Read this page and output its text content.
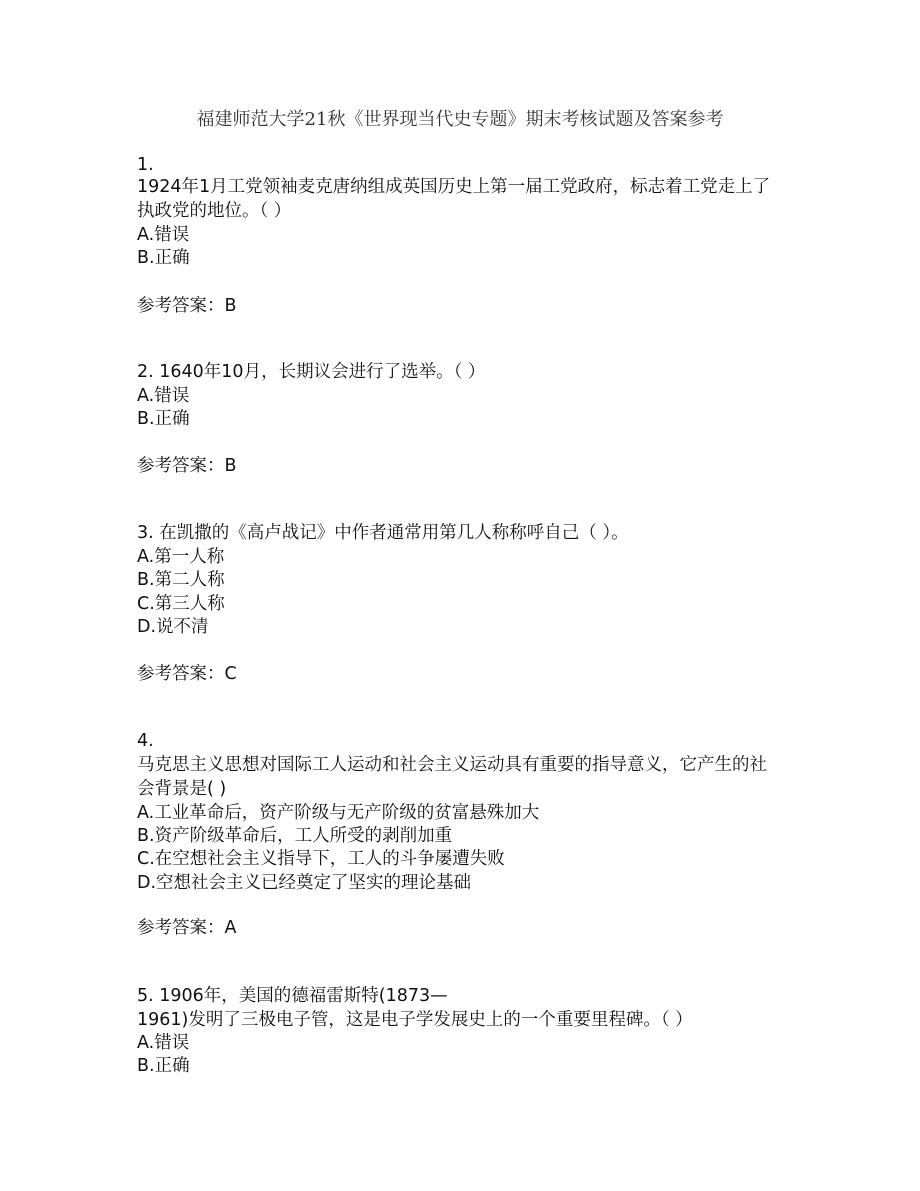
福建师范大学21秋《世界现当代史专题》期末考核试题及答案参考
1.
1924年1月工党领袖麦克唐纳组成英国历史上第一届工党政府，标志着工党走上了
执政党的地位。（ ）
A.错误
B.正确
参考答案：B
2. 1640年10月，长期议会进行了选举。（ ）
A.错误
B.正确
参考答案：B
3. 在凯撒的《高卢战记》中作者通常用第几人称称呼自己（ ）。
A.第一人称
B.第二人称
C.第三人称
D.说不清
参考答案：C
4.
马克思主义思想对国际工人运动和社会主义运动具有重要的指导意义，它产生的社
会背景是( )
A.工业革命后，资产阶级与无产阶级的贫富悬殊加大
B.资产阶级革命后，工人所受的剥削加重
C.在空想社会主义指导下，工人的斗争屡遭失败
D.空想社会主义已经奠定了坚实的理论基础
参考答案：A
5. 1906年，美国的德福雷斯特(1873—
1961)发明了三极电子管，这是电子学发展史上的一个重要里程碑。（ ）
A.错误
B.正确
